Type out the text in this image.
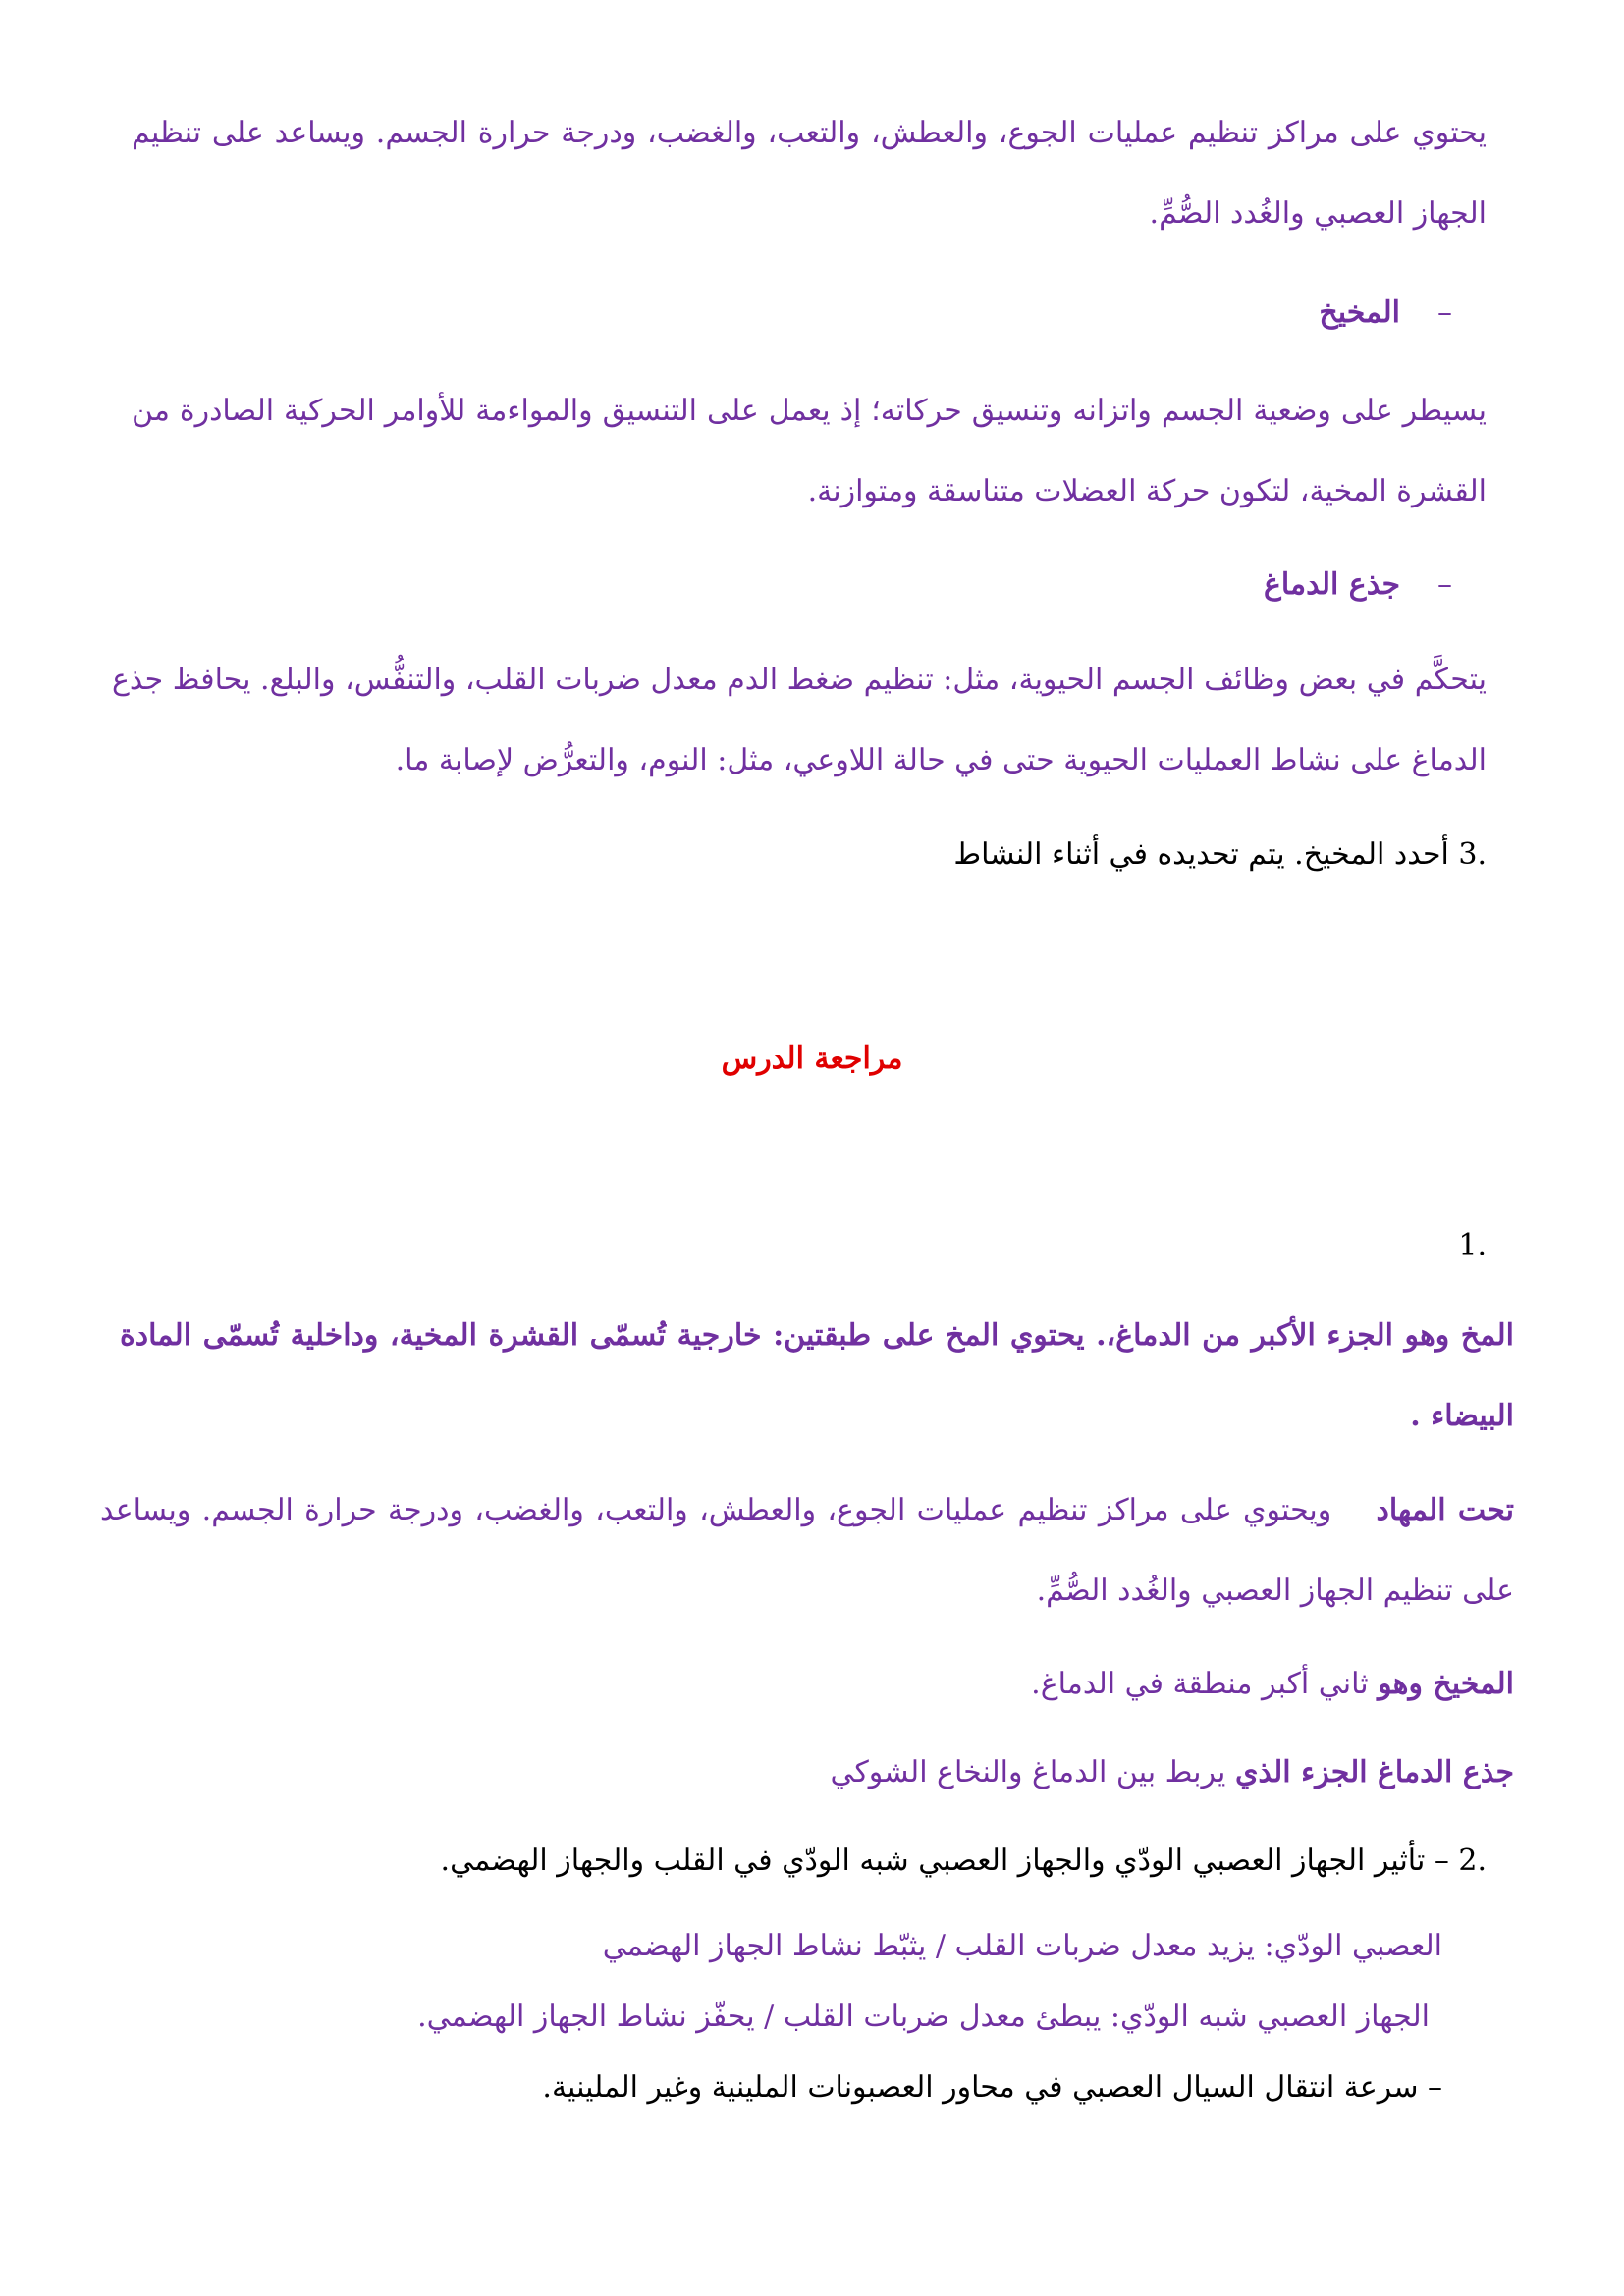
يحتوي على مراكز تنظيم عمليات الجوع، والعطش، والتعب، والغضب، ودرجة حرارة الجسم. ويساعد على تنظيم الجهاز العصبي والغُدد الصُّمِّ.

–المخيخ

يسيطر على وضعية الجسم واتزانه وتنسيق حركاته؛ إذ يعمل على التنسيق والمواءمة للأوامر الحركية الصادرة من القشرة المخية، لتكون حركة العضلات متناسقة ومتوازنة.

–جذع الدماغ

يتحكَّم في بعض وظائف الجسم الحيوية، مثل: تنظيم ضغط الدم معدل ضربات القلب، والتنفُّس، والبلع. يحافظ جذع الدماغ على نشاط العمليات الحيوية حتى في حالة اللاوعي، مثل: النوم، والتعرُّض لإصابة ما.

3. أحدد المخيخ. يتم تحديده في أثناء النشاط

مراجعة الدرس

.1

المخ وهو الجزء الأكبر من الدماغ،. يحتوي المخ على طبقتين: خارجية تُسمّى القشرة المخية، وداخلية تُسمّى المادة البيضاء .

تحت المهاد    ويحتوي على مراكز تنظيم عمليات الجوع، والعطش، والتعب، والغضب، ودرجة حرارة الجسم. ويساعد على تنظيم الجهاز العصبي والغُدد الصُّمِّ.

المخيخ وهو ثاني أكبر منطقة في الدماغ.

جذع الدماغ الجزء الذي يربط بين الدماغ والنخاع الشوكي

2. – تأثير الجهاز العصبي الودّي والجهاز العصبي شبه الودّي في القلب والجهاز الهضمي.

العصبي الودّي: يزيد معدل ضربات القلب / يثبّط نشاط الجهاز الهضمي

الجهاز العصبي شبه الودّي: يبطئ معدل ضربات القلب / يحفّز نشاط الجهاز الهضمي.

– سرعة انتقال السيال العصبي في محاور العصبونات الملينية وغير الملينية.
